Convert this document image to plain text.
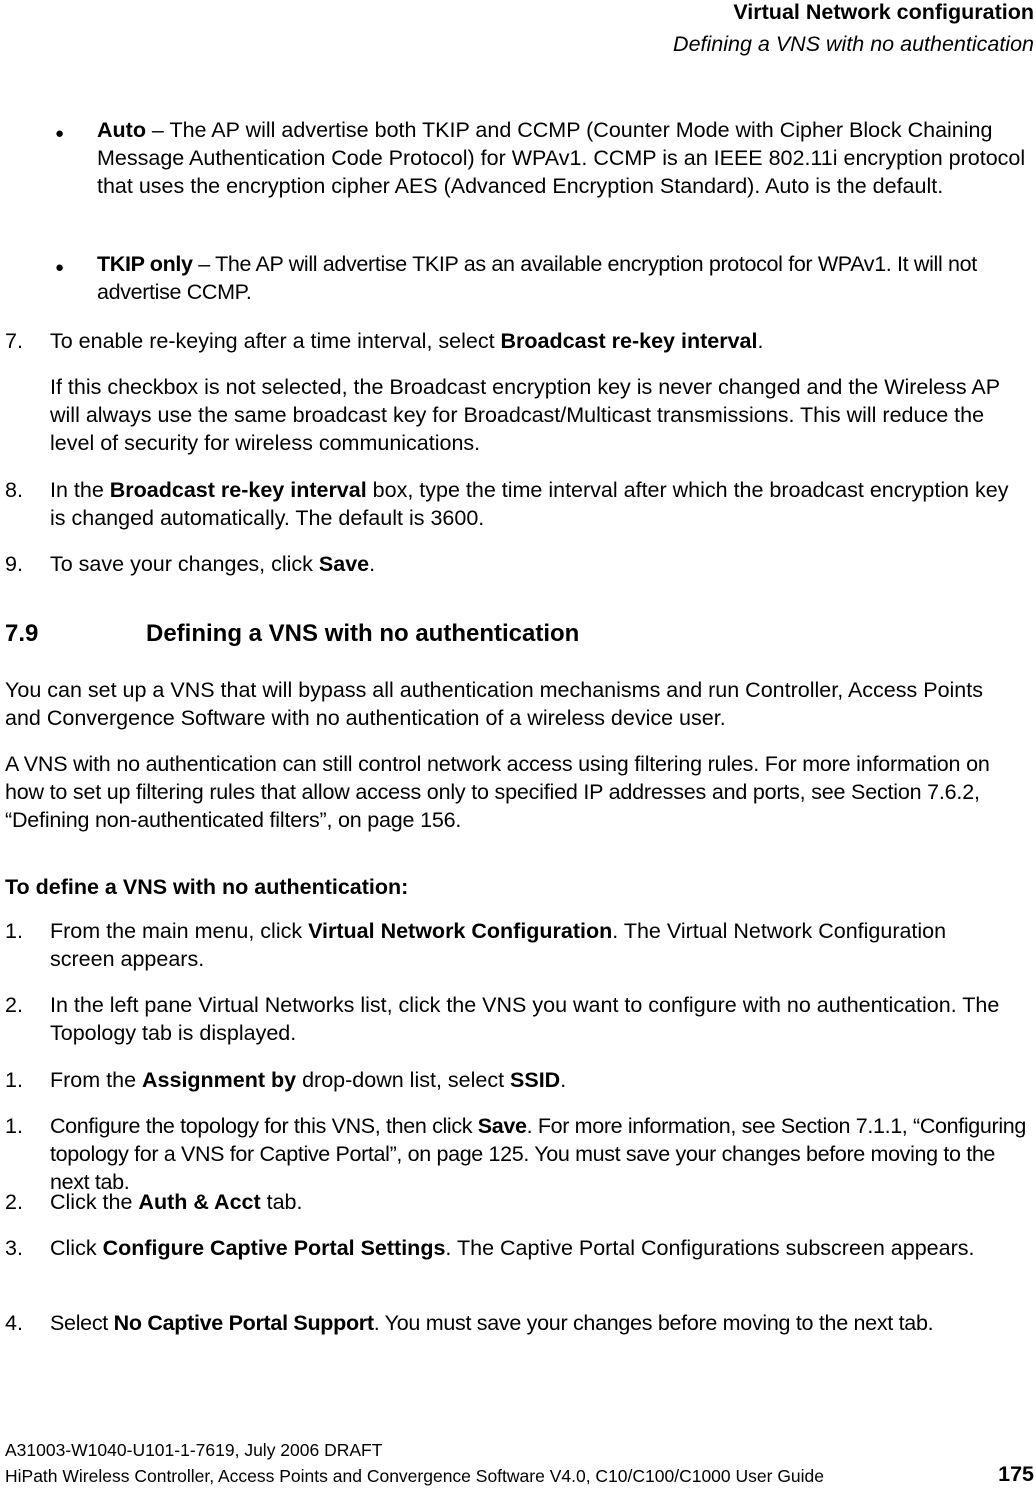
Virtual Network configuration
Defining a VNS with no authentication
● Auto – The AP will advertise both TKIP and CCMP (Counter Mode with Cipher Block Chaining Message Authentication Code Protocol) for WPAv1. CCMP is an IEEE 802.11i encryption protocol that uses the encryption cipher AES (Advanced Encryption Standard). Auto is the default.

● TKIP only – The AP will advertise TKIP as an available encryption protocol for WPAv1. It will not advertise CCMP.

7. To enable re-keying after a time interval, select Broadcast re-key interval.

If this checkbox is not selected, the Broadcast encryption key is never changed and the Wireless AP will always use the same broadcast key for Broadcast/Multicast transmissions. This will reduce the level of security for wireless communications.

8. In the Broadcast re-key interval box, type the time interval after which the broadcast encryption key is changed automatically. The default is 3600.

9. To save your changes, click Save.

7.9	Defining a VNS with no authentication

You can set up a VNS that will bypass all authentication mechanisms and run Controller, Access Points and Convergence Software with no authentication of a wireless device user.

A VNS with no authentication can still control network access using filtering rules. For more information on how to set up filtering rules that allow access only to specified IP addresses and ports, see Section 7.6.2, “Defining non-authenticated filters”, on page 156.

To define a VNS with no authentication:
1. From the main menu, click Virtual Network Configuration. The Virtual Network Configuration screen appears.

2. In the left pane Virtual Networks list, click the VNS you want to configure with no authentication. The Topology tab is displayed.

1. From the Assignment by drop-down list, select SSID.

1. Configure the topology for this VNS, then click Save. For more information, see Section 7.1.1, “Configuring topology for a VNS for Captive Portal”, on page 125. You must save your changes before moving to the next tab.

2. Click the Auth & Acct tab.

3. Click Configure Captive Portal Settings. The Captive Portal Configurations subscreen appears.

4. Select No Captive Portal Support. You must save your changes before moving to the next tab.

A31003-W1040-U101-1-7619, July 2006 DRAFT
HiPath Wireless Controller, Access Points and Convergence Software V4.0, C10/C100/C1000 User Guide	175
